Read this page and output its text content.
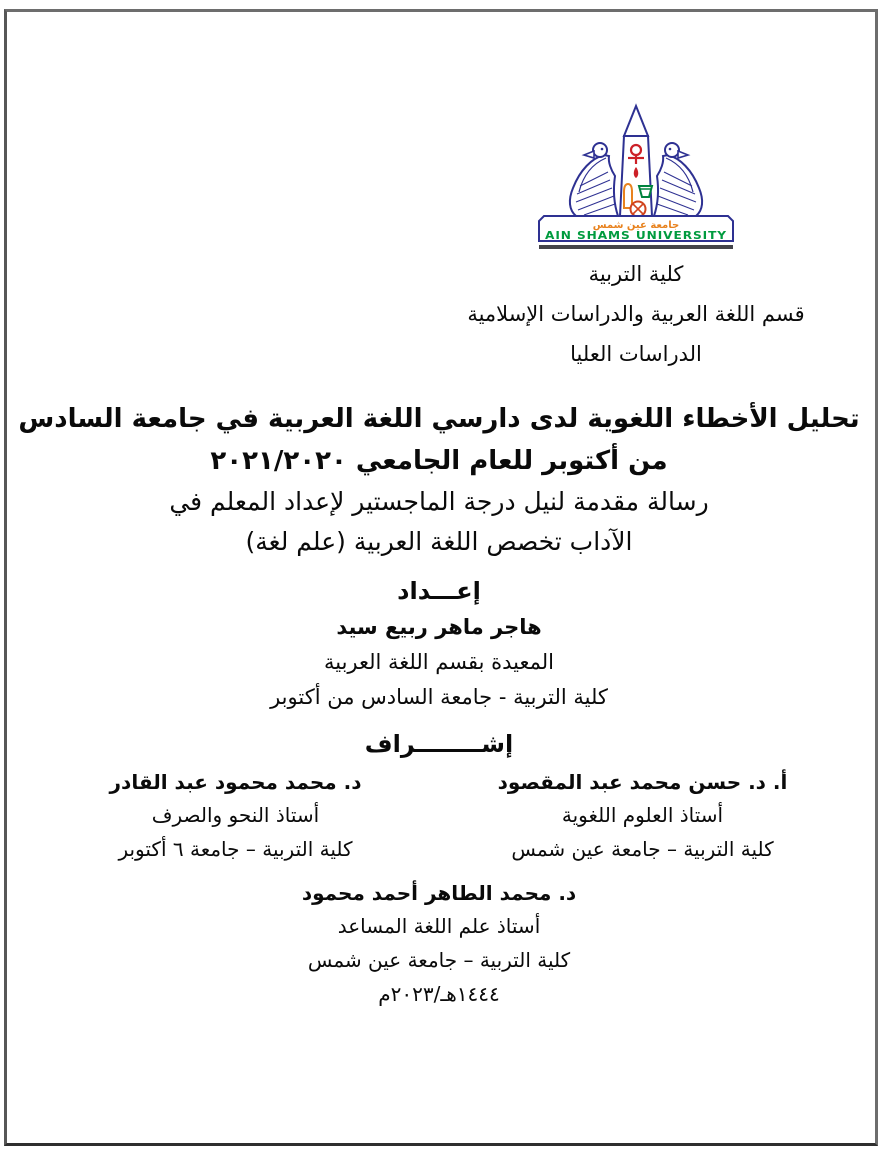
جامعة عين شمس
AIN SHAMS UNIVERSITY
كلية التربية
قسم اللغة العربية والدراسات الإسلامية
الدراسات العليا
تحليل الأخطاء اللغوية لدى دارسي اللغة العربية في جامعة السادس
من أكتوبر للعام الجامعي ٢٠٢١/٢٠٢٠
رسالة مقدمة لنيل درجة الماجستير لإعداد المعلم في
الآداب تخصص اللغة العربية (علم لغة)
إعـــداد
هاجر ماهر ربيع سيد
المعيدة بقسم اللغة العربية
كلية التربية - جامعة السادس من أكتوبر
إشــــــــراف
أ. د. حسن محمد عبد المقصود
أستاذ العلوم اللغوية
كلية التربية – جامعة عين شمس
د. محمد محمود عبد القادر
أستاذ النحو والصرف
كلية التربية – جامعة ٦ أكتوبر
د. محمد الطاهر أحمد محمود
أستاذ علم اللغة المساعد
كلية التربية – جامعة عين شمس
١٤٤٤هـ/٢٠٢٣م
